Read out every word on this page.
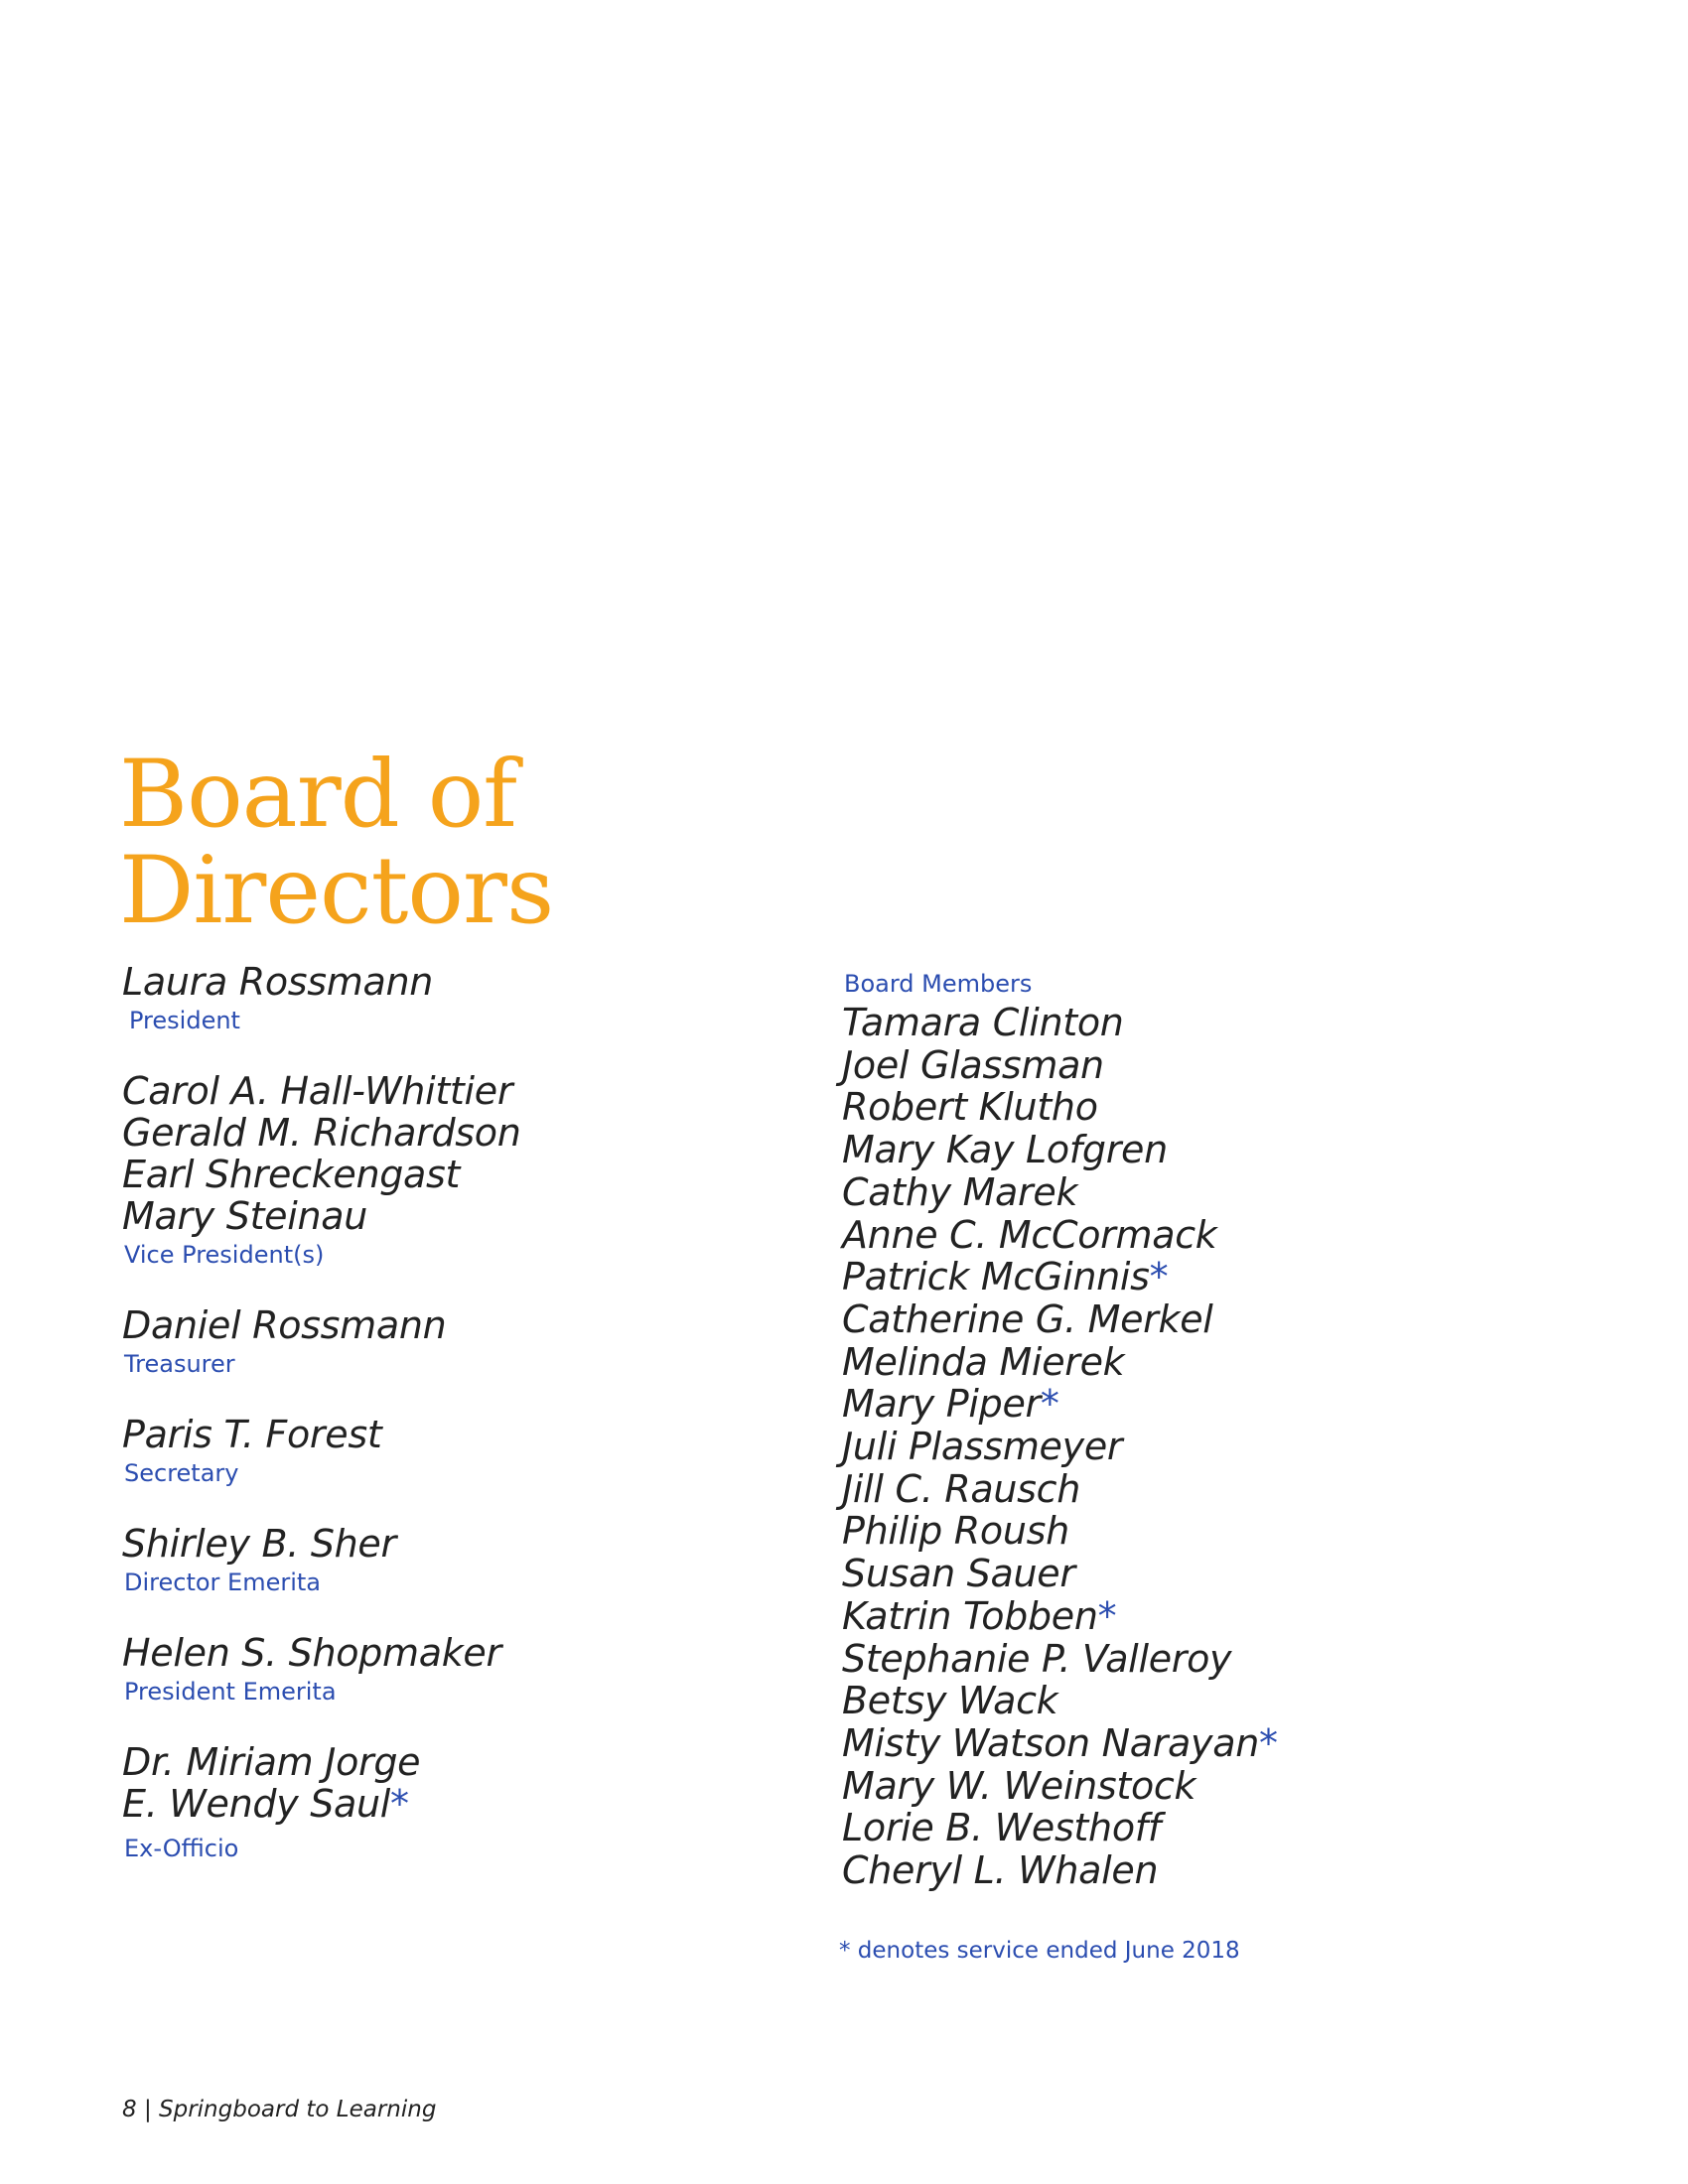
Board of
Directors
Laura Rossmann
President
Carol A. Hall-Whittier
Gerald M. Richardson
Earl Shreckengast
Mary Steinau
Vice President(s)
Daniel Rossmann
Treasurer
Paris T. Forest
Secretary
Shirley B. Sher
Director Emerita
Helen S. Shopmaker
President Emerita
Dr. Miriam Jorge
E. Wendy Saul*
Ex-Officio
Board Members
Tamara Clinton
Joel Glassman
Robert Klutho
Mary Kay Lofgren
Cathy Marek
Anne C. McCormack
Patrick McGinnis*
Catherine G. Merkel
Melinda Mierek
Mary Piper*
Juli Plassmeyer
Jill C. Rausch
Philip Roush
Susan Sauer
Katrin Tobben*
Stephanie P. Valleroy
Betsy Wack
Misty Watson Narayan*
Mary W. Weinstock
Lorie B. Westhoff
Cheryl L. Whalen
* denotes service ended June 2018
8 | Springboard to Learning
